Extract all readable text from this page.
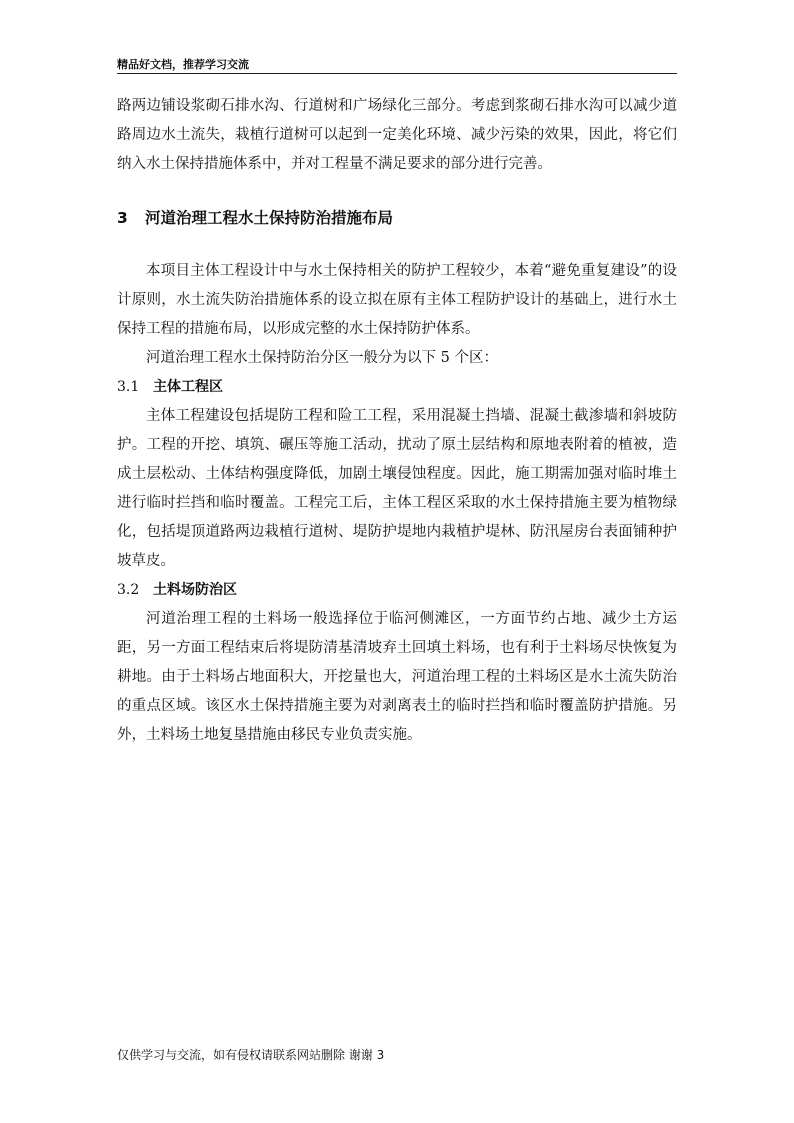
精品好文档，推荐学习交流

路两边铺设浆砌石排水沟、行道树和广场绿化三部分。考虑到浆砌石排水沟可以减少道路周边水土流失，栽植行道树可以起到一定美化环境、减少污染的效果，因此，将它们纳入水土保持措施体系中，并对工程量不满足要求的部分进行完善。

3 河道治理工程水土保持防治措施布局

本项目主体工程设计中与水土保持相关的防护工程较少，本着“避免重复建设”的设计原则，水土流失防治措施体系的设立拟在原有主体工程防护设计的基础上，进行水土保持工程的措施布局，以形成完整的水土保持防护体系。

河道治理工程水土保持防治分区一般分为以下 5 个区：

3.1 主体工程区

主体工程建设包括堤防工程和险工工程，采用混凝土挡墙、混凝土截渗墙和斜坡防护。工程的开挖、填筑、碾压等施工活动，扰动了原土层结构和原地表附着的植被，造成土层松动、土体结构强度降低，加剧土壤侵蚀程度。因此，施工期需加强对临时堆土进行临时拦挡和临时覆盖。工程完工后，主体工程区采取的水土保持措施主要为植物绿化，包括堤顶道路两边栽植行道树、堤防护堤地内栽植护堤林、防汛屋房台表面铺种护坡草皮。

3.2 土料场防治区

河道治理工程的土料场一般选择位于临河侧滩区，一方面节约占地、减少土方运距，另一方面工程结束后将堤防清基清坡弃土回填土料场，也有利于土料场尽快恢复为耕地。由于土料场占地面积大，开挖量也大，河道治理工程的土料场区是水土流失防治的重点区域。该区水土保持措施主要为对剥离表土的临时拦挡和临时覆盖防护措施。另外，土料场土地复垦措施由移民专业负责实施。

仅供学习与交流，如有侵权请联系网站删除 谢谢 3
